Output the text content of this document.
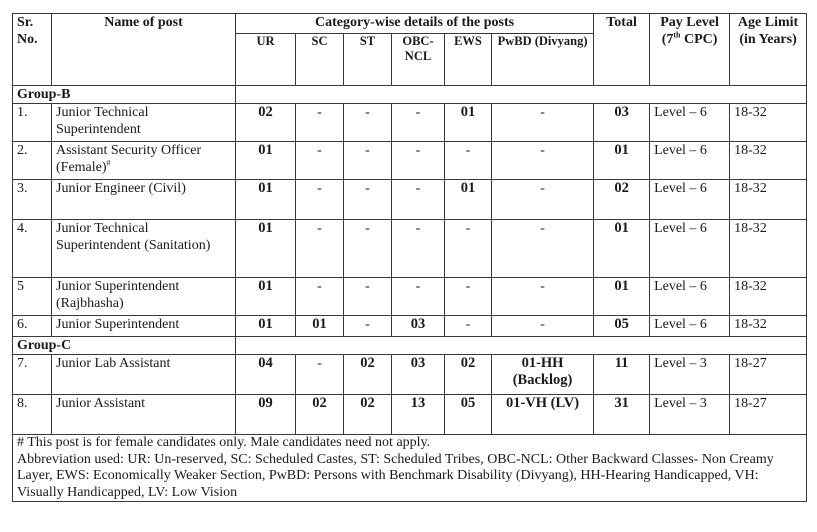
Sr. No.	Name of post	Category-wise details of the posts						Total	Pay Level (7th CPC)	Age Limit (in Years)
		UR	SC	ST	OBC-NCL	EWS	PwBD (Divyang)			
Group-B										
1.	Junior Technical Superintendent	02	-	-	-	01	-	03	Level – 6	18-32
2.	Assistant Security Officer (Female)#	01	-	-	-	-	-	01	Level – 6	18-32
3.	Junior Engineer (Civil)	01	-	-	-	01	-	02	Level – 6	18-32
4.	Junior Technical Superintendent (Sanitation)	01	-	-	-	-	-	01	Level – 6	18-32
5	Junior Superintendent (Rajbhasha)	01	-	-	-	-	-	01	Level – 6	18-32
6.	Junior Superintendent	01	01	-	03	-	-	05	Level – 6	18-32
Group-C										
7.	Junior Lab Assistant	04	-	02	03	02	01-HH (Backlog)	11	Level – 3	18-27
8.	Junior Assistant	09	02	02	13	05	01-VH (LV)	31	Level – 3	18-27

# This post is for female candidates only. Male candidates need not apply.
Abbreviation used: UR: Un-reserved, SC: Scheduled Castes, ST: Scheduled Tribes, OBC-NCL: Other Backward Classes- Non Creamy Layer, EWS: Economically Weaker Section, PwBD: Persons with Benchmark Disability (Divyang), HH-Hearing Handicapped, VH: Visually Handicapped, LV: Low Vision										
